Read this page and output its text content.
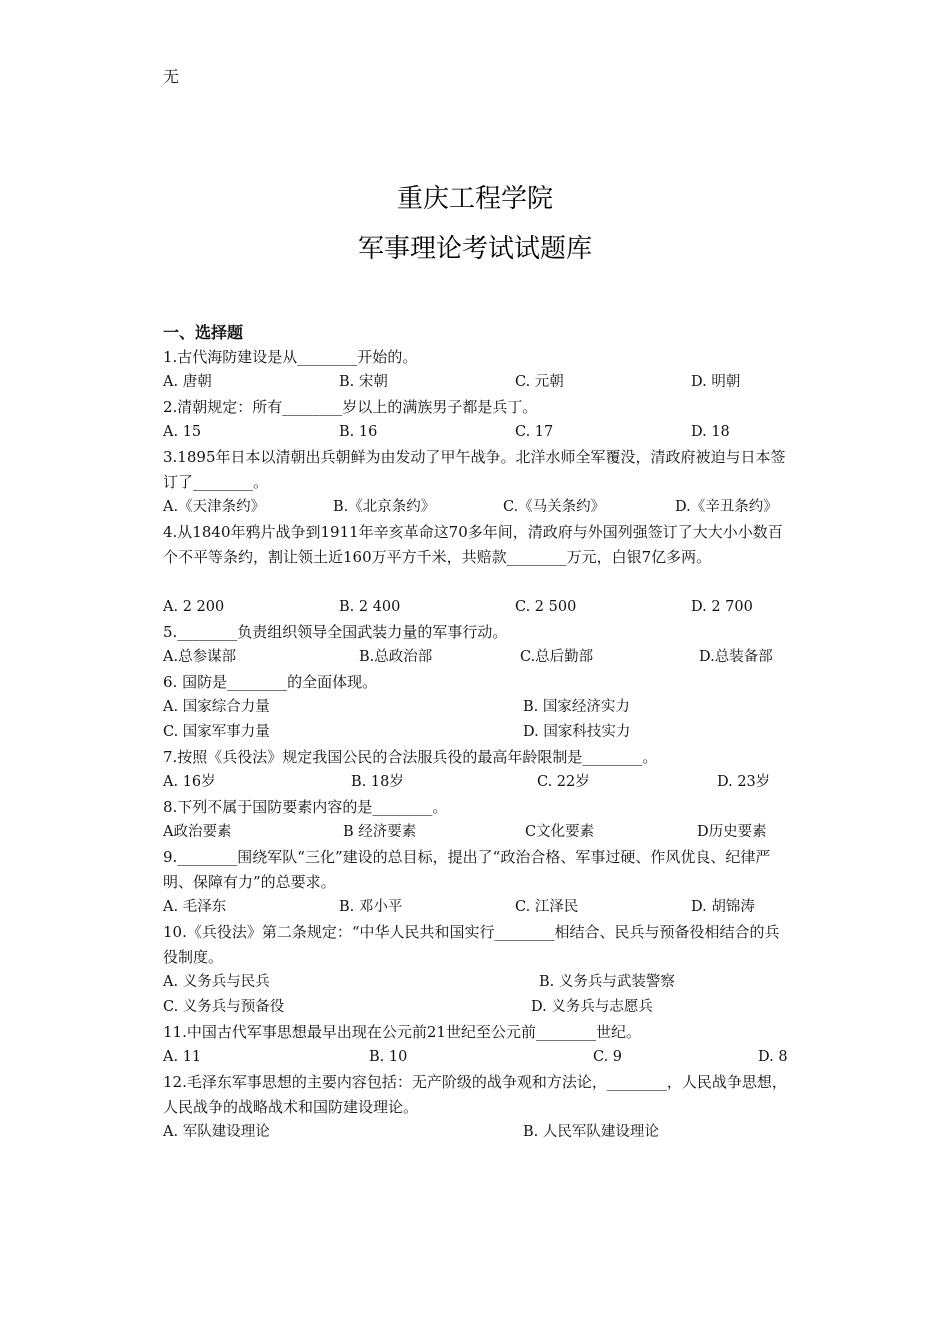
无
重庆工程学院
军事理论考试试题库
一、选择题
1.古代海防建设是从________开始的。
A. 唐朝	B. 宋朝	C. 元朝	D. 明朝
2.清朝规定：所有________岁以上的满族男子都是兵丁。
A. 15	B. 16	C. 17	D. 18
3.1895年日本以清朝出兵朝鲜为由发动了甲午战争。北洋水师全军覆没，清政府被迫与日本签订了________。
A.《天津条约》	B.《北京条约》	C.《马关条约》	D.《辛丑条约》
4.从1840年鸦片战争到1911年辛亥革命这70多年间，清政府与外国列强签订了大大小小数百个不平等条约，割让领土近160万平方千米，共赔款________万元，白银7亿多两。
A. 2 200	B. 2 400	C. 2 500	D. 2 700
5.________负责组织领导全国武装力量的军事行动。
A.总参谋部	B.总政治部	C.总后勤部	D.总装备部
6. 国防是________的全面体现。
A. 国家综合力量	B. 国家经济实力
C. 国家军事力量	D. 国家科技实力
7.按照《兵役法》规定我国公民的合法服兵役的最高年龄限制是________。
A. 16岁	B. 18岁	C. 22岁	D. 23岁
8.下列不属于国防要素内容的是________。
A政治要素	B 经济要素	C文化要素	D历史要素
9.________围绕军队“三化”建设的总目标，提出了“政治合格、军事过硬、作风优良、纪律严明、保障有力”的总要求。
A. 毛泽东	B. 邓小平	C. 江泽民	D. 胡锦涛
10.《兵役法》第二条规定：“中华人民共和国实行________相结合、民兵与预备役相结合的兵役制度。
A. 义务兵与民兵	B. 义务兵与武装警察
C. 义务兵与预备役	D. 义务兵与志愿兵
11.中国古代军事思想最早出现在公元前21世纪至公元前________世纪。
A. 11	B. 10	C. 9	D. 8
12.毛泽东军事思想的主要内容包括：无产阶级的战争观和方法论，________，人民战争思想，人民战争的战略战术和国防建设理论。
A. 军队建设理论	B. 人民军队建设理论
